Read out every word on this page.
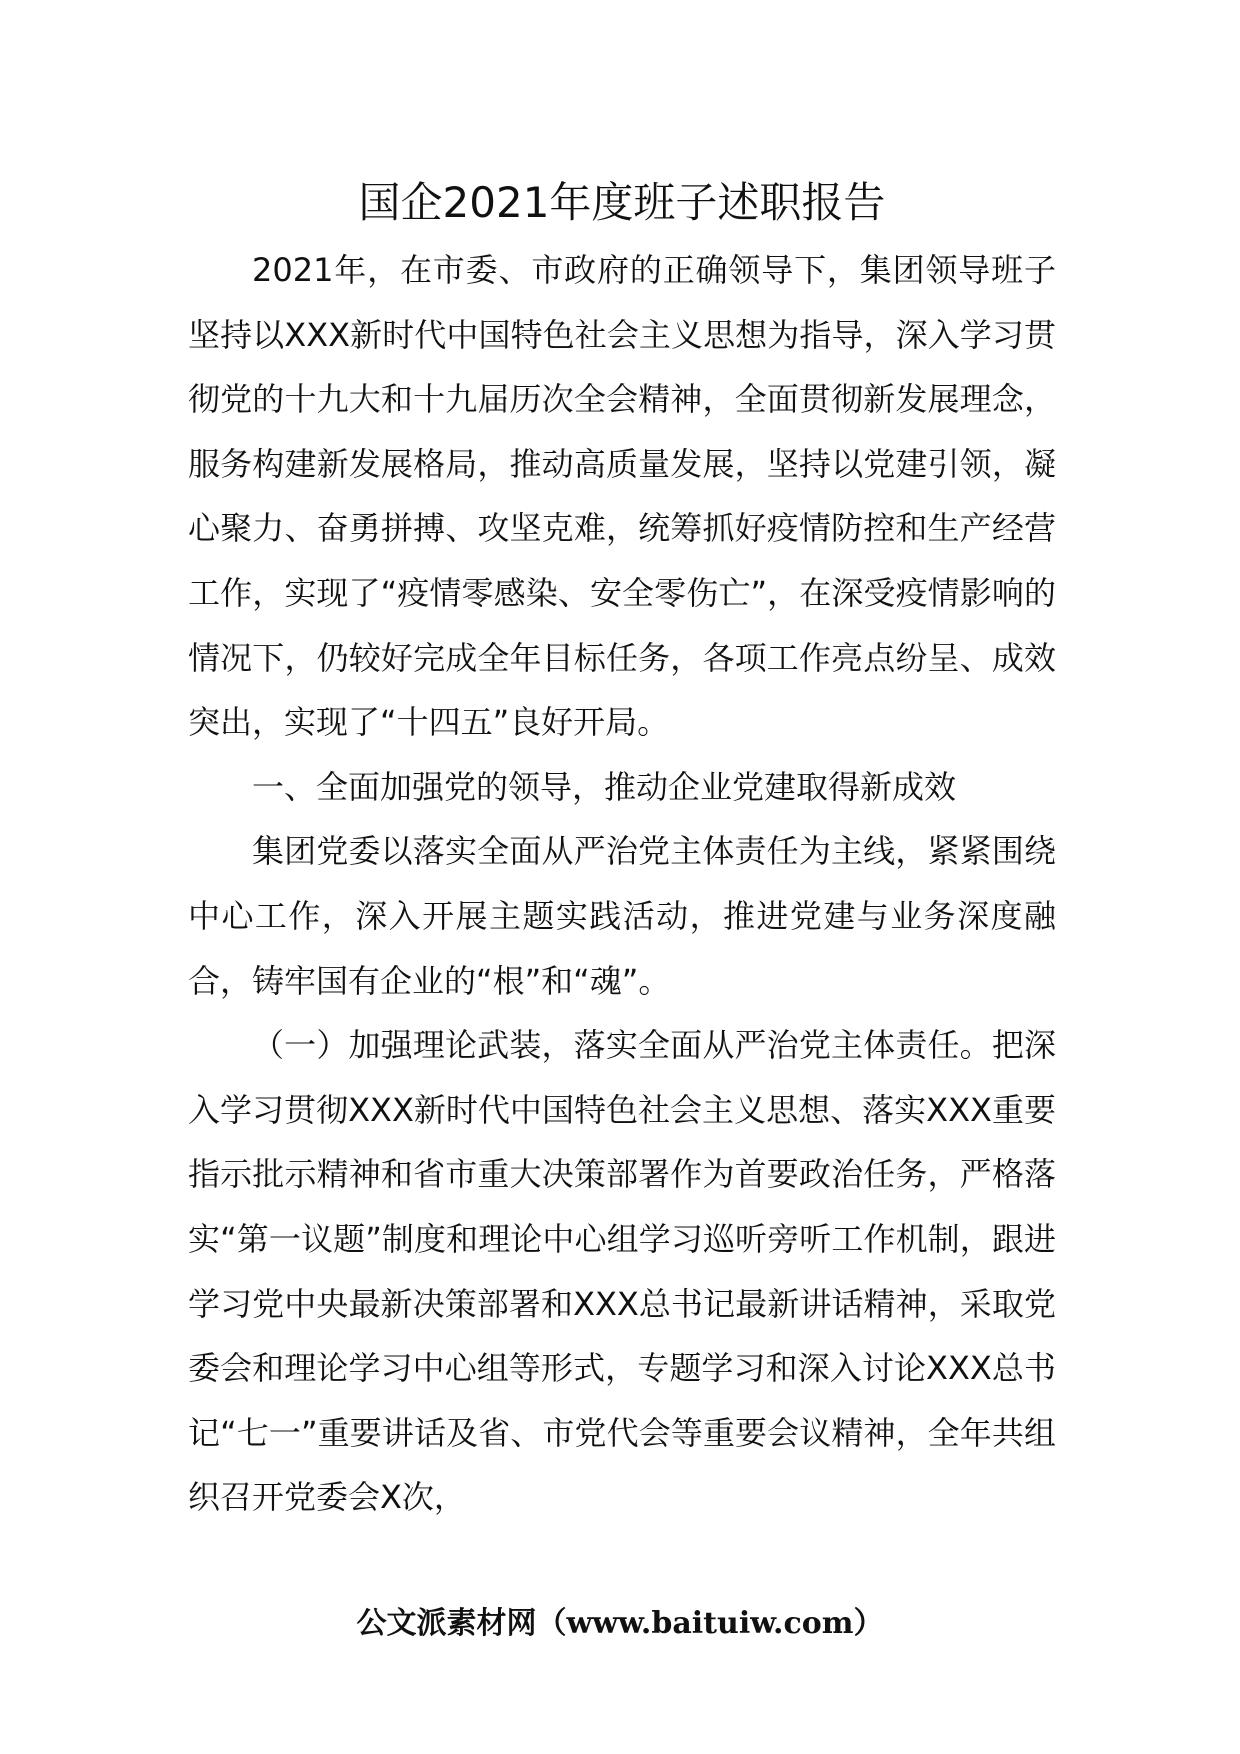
国企2021年度班子述职报告

2021年，在市委、市政府的正确领导下，集团领导班子坚持以XXX新时代中国特色社会主义思想为指导，深入学习贯彻党的十九大和十九届历次全会精神，全面贯彻新发展理念，服务构建新发展格局，推动高质量发展，坚持以党建引领，凝心聚力、奋勇拼搏、攻坚克难，统筹抓好疫情防控和生产经营工作，实现了“疫情零感染、安全零伤亡”，在深受疫情影响的情况下，仍较好完成全年目标任务，各项工作亮点纷呈、成效突出，实现了“十四五”良好开局。

一、全面加强党的领导，推动企业党建取得新成效

集团党委以落实全面从严治党主体责任为主线，紧紧围绕中心工作，深入开展主题实践活动，推进党建与业务深度融合，铸牢国有企业的“根”和“魂”。

（一）加强理论武装，落实全面从严治党主体责任。把深入学习贯彻XXX新时代中国特色社会主义思想、落实XXX重要指示批示精神和省市重大决策部署作为首要政治任务，严格落实“第一议题”制度和理论中心组学习巡听旁听工作机制，跟进学习党中央最新决策部署和XXX总书记最新讲话精神，采取党委会和理论学习中心组等形式，专题学习和深入讨论XXX总书记“七一”重要讲话及省、市党代会等重要会议精神，全年共组织召开党委会X次，

公文派素材网（www.baituiw.com）
